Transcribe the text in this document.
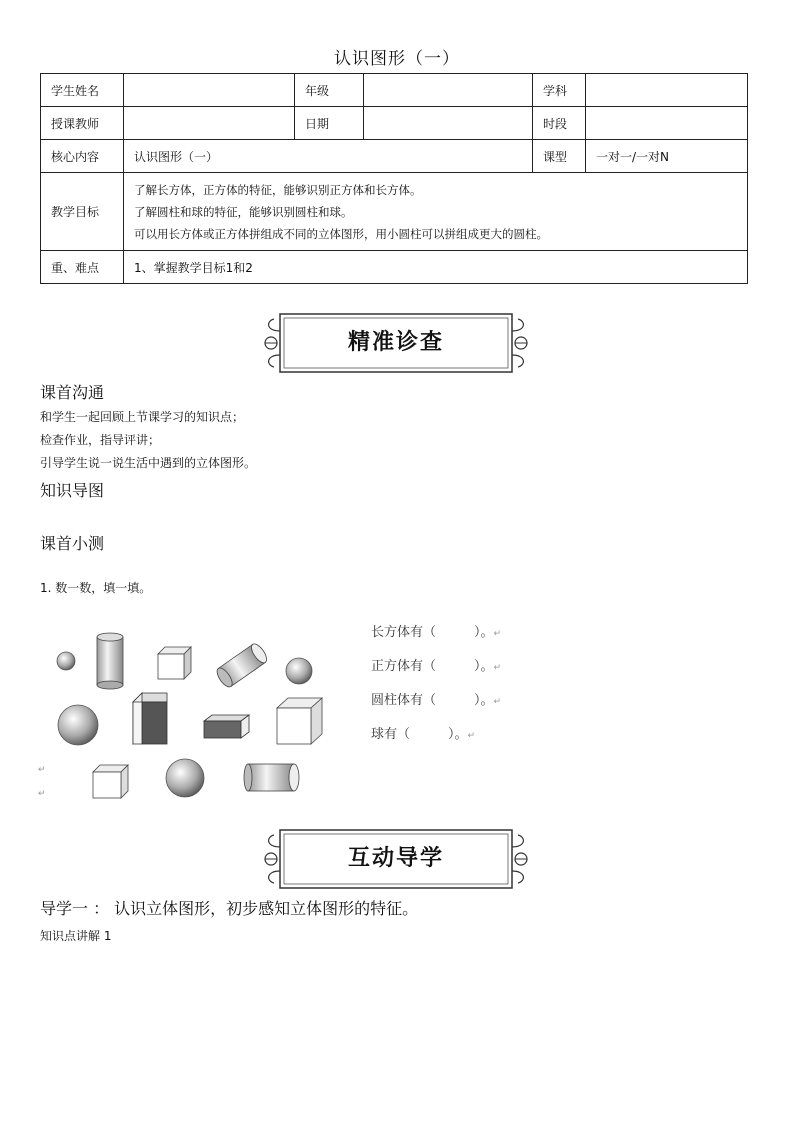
认识图形（一）
学生姓名		年级		学科	
授课教师		日期		时段	
核心内容	认识图形（一）			课型	一对一/一对N
教学目标	了解长方体，正方体的特征，能够识别正方体和长方体。
了解圆柱和球的特征，能够识别圆柱和球。
可以用长方体或正方体拼组成不同的立体图形，用小圆柱可以拼组成更大的圆柱。				

重、难点	1、掌握教学目标1和2				
精准诊查
课首沟通
和学生一起回顾上节课学习的知识点；
检查作业，指导评讲；
引导学生说一说生活中遇到的立体图形。
知识导图
课首小测
1. 数一数，填一填。
↵
↵
长方体有（	）。↵
正方体有（	）。↵
圆柱体有（	）。↵
球有（	）。↵
互动导学
导学一 ： 认识立体图形，初步感知立体图形的特征。
知识点讲解 1
